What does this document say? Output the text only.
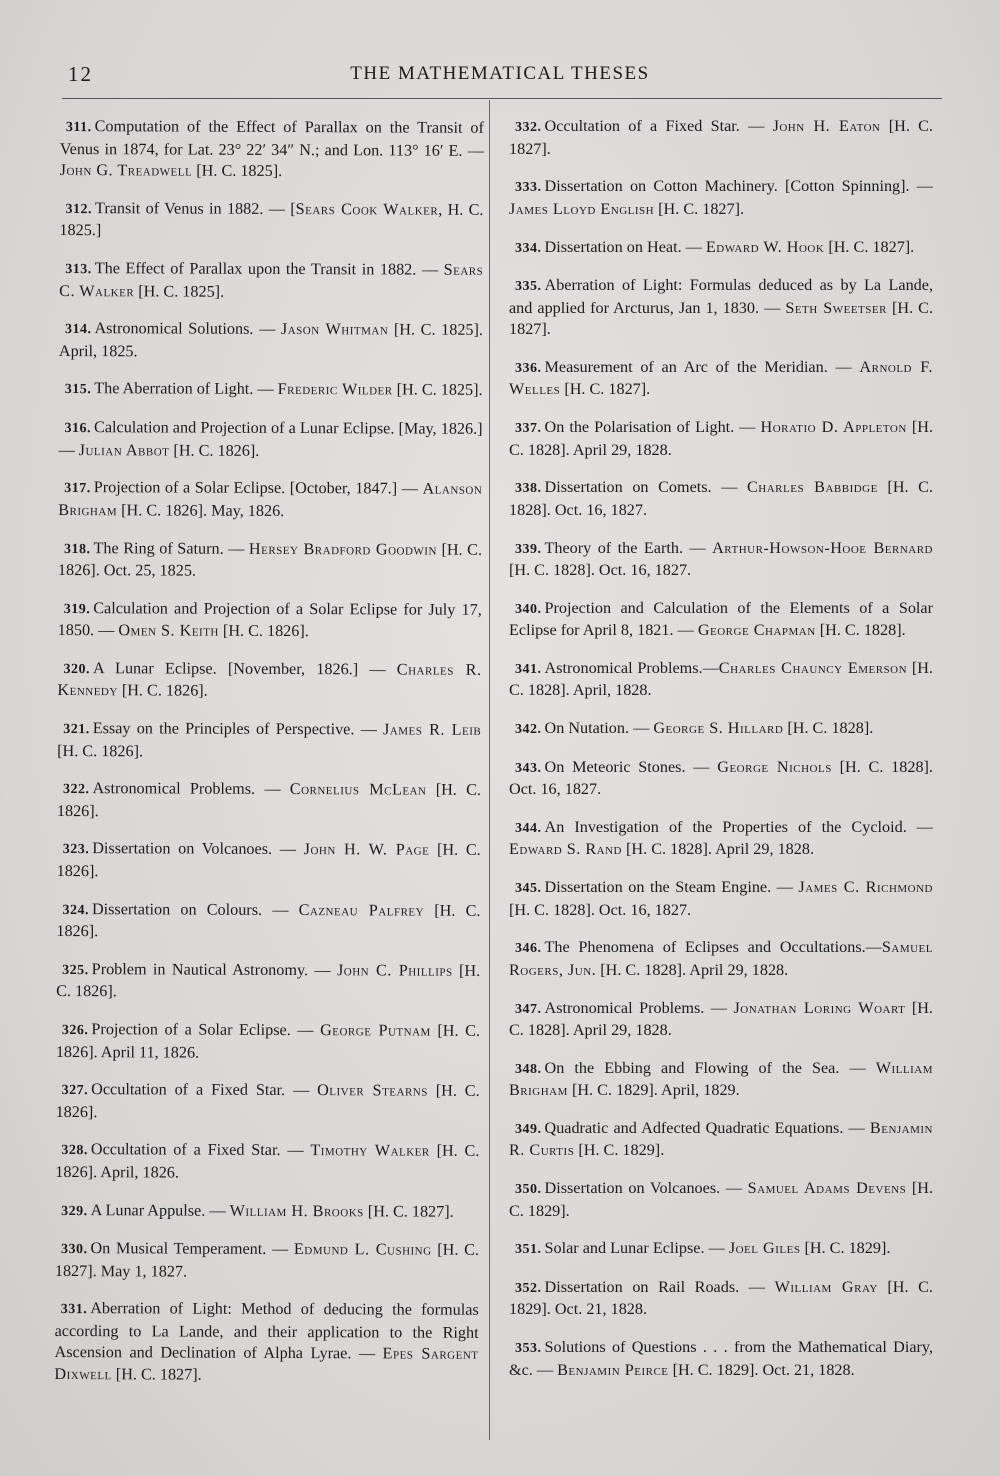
12	THE MATHEMATICAL THESES

311. Computation of the Effect of Parallax on the Transit of Venus in 1874, for Lat. 23° 22′ 34″ N.; and Lon. 113° 16′ E. — John G. Treadwell [H. C. 1825].

312. Transit of Venus in 1882. — [Sears Cook Walker, H. C. 1825.]

313. The Effect of Parallax upon the Transit in 1882. — Sears C. Walker [H. C. 1825].

314. Astronomical Solutions. — Jason Whitman [H. C. 1825]. April, 1825.

315. The Aberration of Light. — Frederic Wilder [H. C. 1825].

316. Calculation and Projection of a Lunar Eclipse. [May, 1826.] — Julian Abbot [H. C. 1826].

317. Projection of a Solar Eclipse. [October, 1847.] — Alanson Brigham [H. C. 1826]. May, 1826.

318. The Ring of Saturn. — Hersey Bradford Goodwin [H. C. 1826]. Oct. 25, 1825.

319. Calculation and Projection of a Solar Eclipse for July 17, 1850. — Omen S. Keith [H. C. 1826].

320. A Lunar Eclipse. [November, 1826.] — Charles R. Kennedy [H. C. 1826].

321. Essay on the Principles of Perspective. — James R. Leib [H. C. 1826].

322. Astronomical Problems. — Cornelius McLean [H. C. 1826].

323. Dissertation on Volcanoes. — John H. W. Page [H. C. 1826].

324. Dissertation on Colours. — Cazneau Palfrey [H. C. 1826].

325. Problem in Nautical Astronomy. — John C. Phillips [H. C. 1826].

326. Projection of a Solar Eclipse. — George Putnam [H. C. 1826]. April 11, 1826.

327. Occultation of a Fixed Star. — Oliver Stearns [H. C. 1826].

328. Occultation of a Fixed Star. — Timothy Walker [H. C. 1826]. April, 1826.

329. A Lunar Appulse. — William H. Brooks [H. C. 1827].

330. On Musical Temperament. — Edmund L. Cushing [H. C. 1827]. May 1, 1827.

331. Aberration of Light: Method of deducing the formulas according to La Lande, and their application to the Right Ascension and Declination of Alpha Lyrae. — Epes Sargent Dixwell [H. C. 1827].

332. Occultation of a Fixed Star. — John H. Eaton [H. C. 1827].

333. Dissertation on Cotton Machinery. [Cotton Spinning]. — James Lloyd English [H. C. 1827].

334. Dissertation on Heat. — Edward W. Hook [H. C. 1827].

335. Aberration of Light: Formulas deduced as by La Lande, and applied for Arcturus, Jan 1, 1830. — Seth Sweetser [H. C. 1827].

336. Measurement of an Arc of the Meridian. — Arnold F. Welles [H. C. 1827].

337. On the Polarisation of Light. — Horatio D. Appleton [H. C. 1828]. April 29, 1828.

338. Dissertation on Comets. — Charles Babbidge [H. C. 1828]. Oct. 16, 1827.

339. Theory of the Earth. — Arthur-Howson-Hooe Bernard [H. C. 1828]. Oct. 16, 1827.

340. Projection and Calculation of the Elements of a Solar Eclipse for April 8, 1821. — George Chapman [H. C. 1828].

341. Astronomical Problems.—Charles Chauncy Emerson [H. C. 1828]. April, 1828.

342. On Nutation. — George S. Hillard [H. C. 1828].

343. On Meteoric Stones. — George Nichols [H. C. 1828]. Oct. 16, 1827.

344. An Investigation of the Properties of the Cycloid. — Edward S. Rand [H. C. 1828]. April 29, 1828.

345. Dissertation on the Steam Engine. — James C. Richmond [H. C. 1828]. Oct. 16, 1827.

346. The Phenomena of Eclipses and Occultations.—Samuel Rogers, Jun. [H. C. 1828]. April 29, 1828.

347. Astronomical Problems. — Jonathan Loring Woart [H. C. 1828]. April 29, 1828.

348. On the Ebbing and Flowing of the Sea. — William Brigham [H. C. 1829]. April, 1829.

349. Quadratic and Adfected Quadratic Equations. — Benjamin R. Curtis [H. C. 1829].

350. Dissertation on Volcanoes. — Samuel Adams Devens [H. C. 1829].

351. Solar and Lunar Eclipse. — Joel Giles [H. C. 1829].

352. Dissertation on Rail Roads. — William Gray [H. C. 1829]. Oct. 21, 1828.

353. Solutions of Questions . . . from the Mathematical Diary, &c. — Benjamin Peirce [H. C. 1829]. Oct. 21, 1828.
